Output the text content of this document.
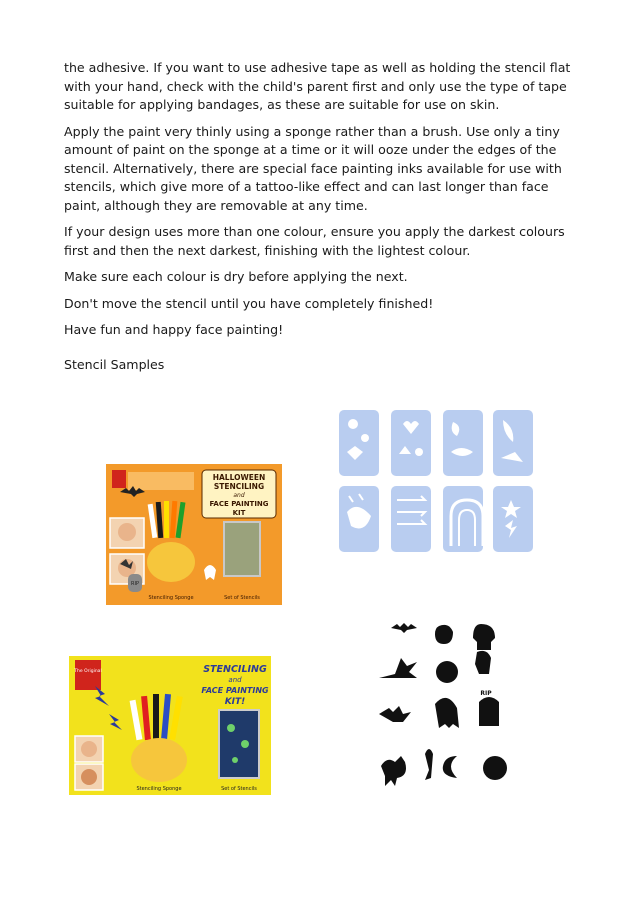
the adhesive. If you want to use adhesive tape as well as holding the stencil flat with your hand, check with the child's parent first and only use the type of tape suitable for applying bandages, as these are suitable for use on skin.

Apply the paint very thinly using a sponge rather than a brush. Use only a tiny amount of paint on the sponge at a time or it will ooze under the edges of the stencil. Alternatively, there are special face painting inks available for use with stencils, which give more of a tattoo-like effect and can last longer than face paint, although they are removable at any time.

If your design uses more than one colour, ensure you apply the darkest colours first and then the next darkest, finishing with the lightest colour.

Make sure each colour is dry before applying the next.

Don't move the stencil until you have completely finished!

Have fun and happy face painting!

Stencil Samples
HALLOWEEN
STENCILING
and
FACE PAINTING
KIT
RIP
Stenciling Sponge	Set of Stencils
The Original	STENCILING
and
FACE PAINTING
KIT!
Stenciling Sponge	Set of Stencils
RIP
